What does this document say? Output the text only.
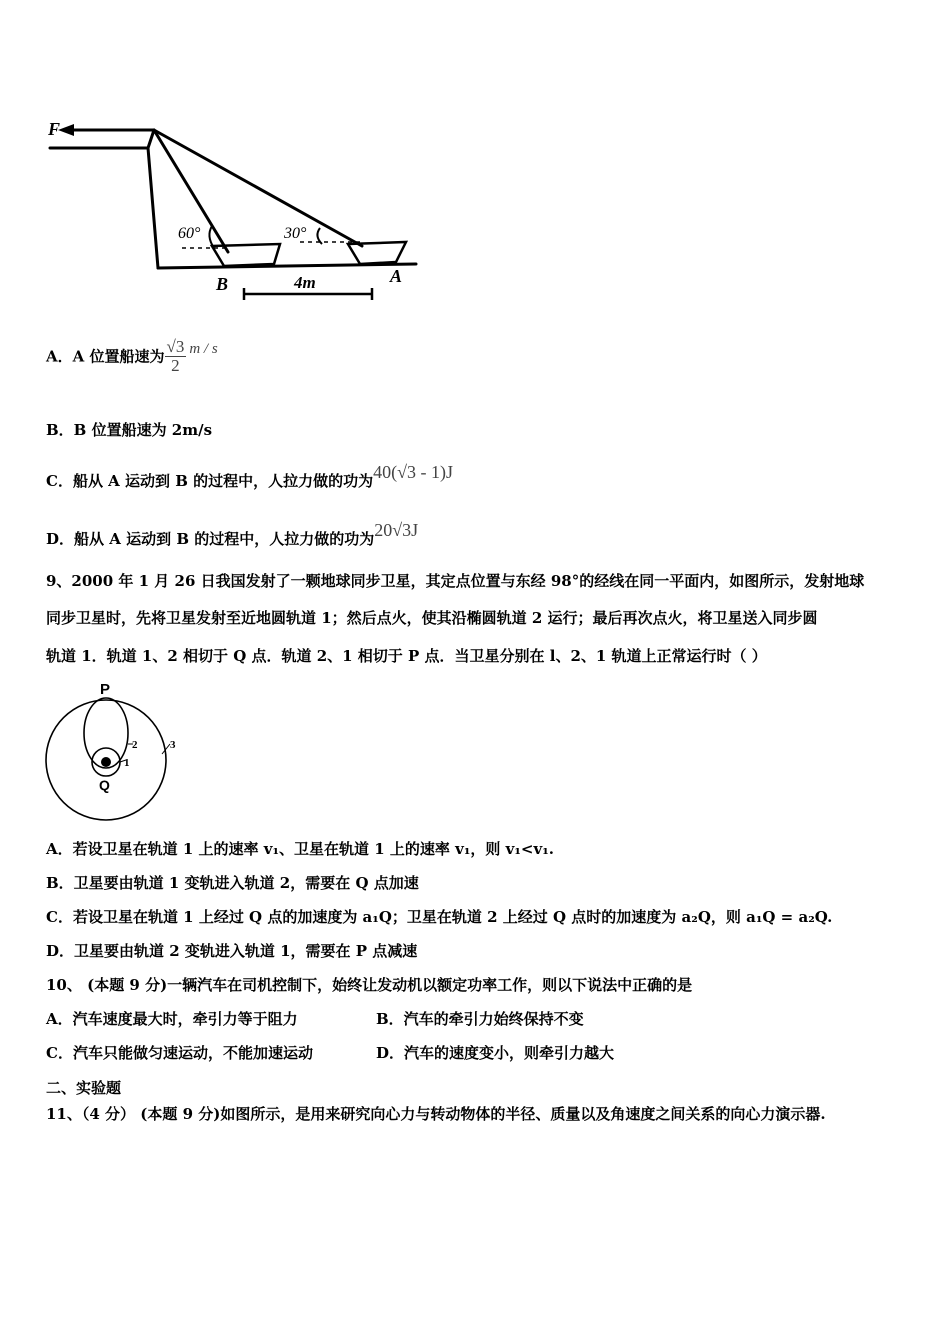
F
60°	30°
B	A
4m
A．A 位置船速为 $\frac{√3}{2}$ m / s
B．B 位置船速为 2m/s
C．船从 A 运动到 B 的过程中，人拉力做的功为40(√3 - 1)J
D．船从 A 运动到 B 的过程中，人拉力做的功为20√3J
9、2000 年 1 月 26 日我国发射了一颗地球同步卫星，其定点位置与东经 98°的经线在同一平面内，如图所示，发射地球
同步卫星时，先将卫星发射至近地圆轨道 1；然后点火，使其沿椭圆轨道 2 运行；最后再次点火，将卫星送入同步圆
轨道 1．轨道 1、2 相切于 Q 点．轨道 2、1 相切于 P 点．当卫星分别在 l、2、1 轨道上正常运行时（ ）
P
Q
1
2	3
A．若设卫星在轨道 1 上的速率 v₁、卫星在轨道 1 上的速率 v₁，则 v₁<v₁.
B．卫星要由轨道 1 变轨进入轨道 2，需要在 Q 点加速
C．若设卫星在轨道 1 上经过 Q 点的加速度为 a₁Q；卫星在轨道 2 上经过 Q 点时的加速度为 a₂Q，则 a₁Q = a₂Q.
D．卫星要由轨道 2 变轨进入轨道 1，需要在 P 点减速
10、 (本题 9 分)一辆汽车在司机控制下，始终让发动机以额定功率工作，则以下说法中正确的是
A．汽车速度最大时，牵引力等于阻力	B．汽车的牵引力始终保持不变
C．汽车只能做匀速运动，不能加速运动	D．汽车的速度变小，则牵引力越大
二、实验题
11、（4 分） (本题 9 分)如图所示，是用来研究向心力与转动物体的半径、质量以及角速度之间关系的向心力演示器.
